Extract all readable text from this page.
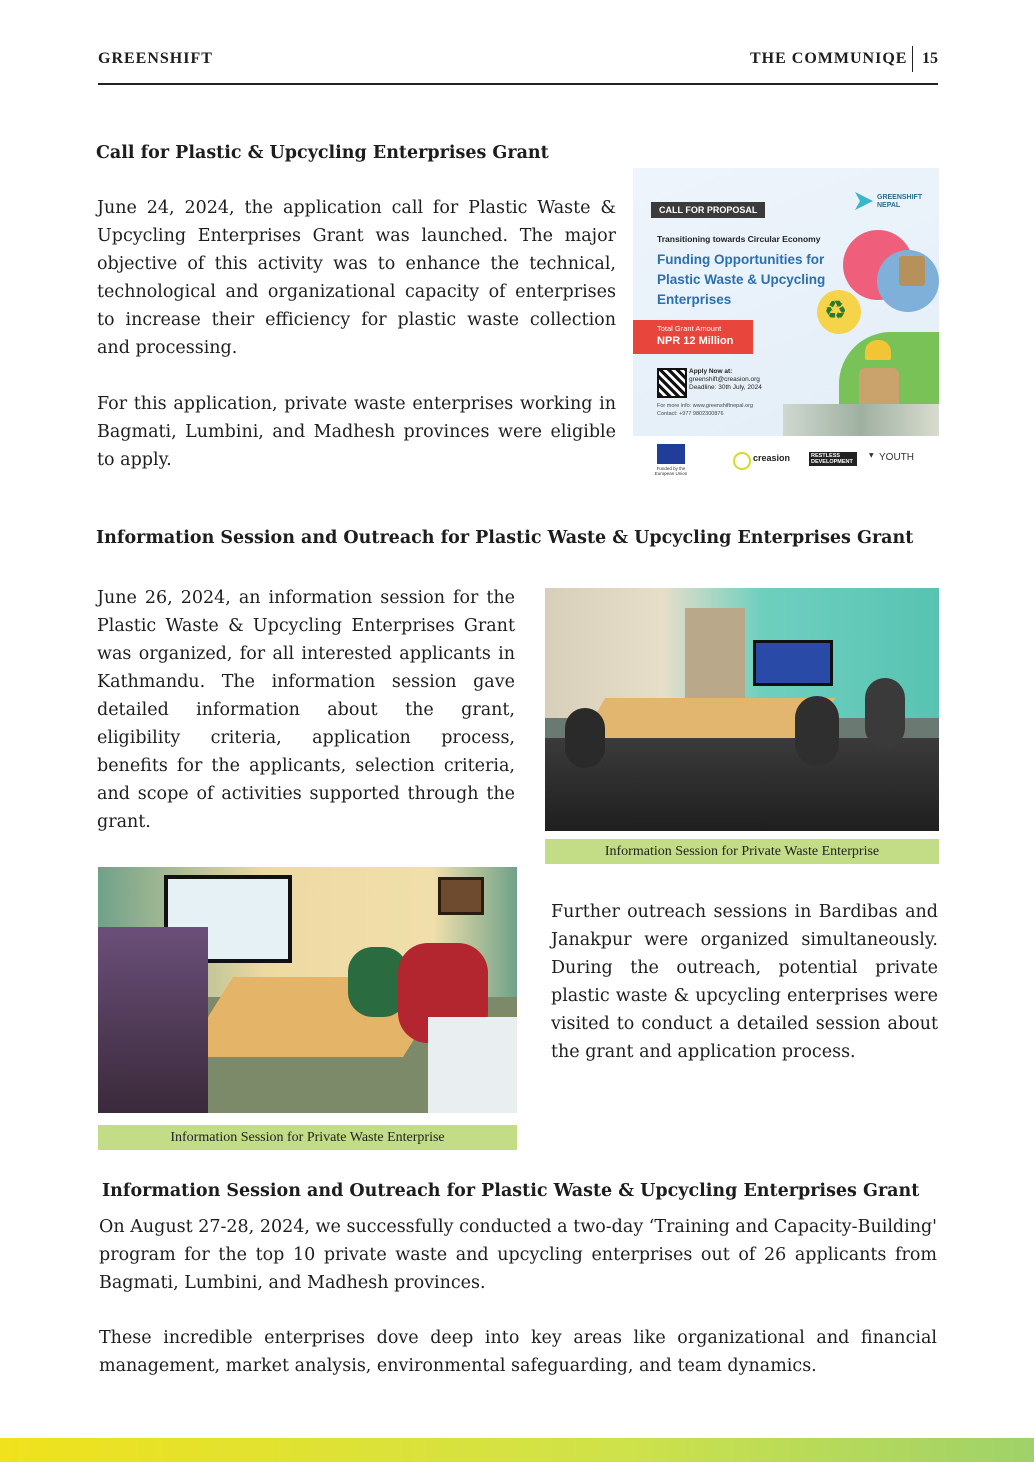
GREENSHIFT	THE COMMUNIQE 15
Call for Plastic & Upcycling Enterprises Grant

June 24, 2024, the application call for Plastic Waste & Upcycling Enterprises Grant was launched. The major objective of this activity was to enhance the technical, technological and organizational capacity of enterprises to increase their efficiency for plastic waste collection and processing.

For this application, private waste enterprises working in Bagmati, Lumbini, and Madhesh provinces were eligible to apply.

GREENSHIFT NEPAL
CALL FOR PROPOSAL
Transitioning towards Circular Economy
Funding Opportunities for
Plastic Waste & Upcycling
Enterprises
Total Grant Amount
NPR 12 Million
♻
Apply Now at:
greenshift@creasion.org
Deadline: 30th July, 2024
For more info: www.greenshiftnepal.org
Contact: +977 9802300876
Funded by the European Union
creasion	RESTLESS DEVELOPMENT
▼ YOUTH
Information Session and Outreach for Plastic Waste & Upcycling Enterprises Grant

June 26, 2024, an information session for the Plastic Waste & Upcycling Enterprises Grant was organized, for all interested applicants in Kathmandu. The information session gave detailed information about the grant, eligibility criteria, application process, benefits for the applicants, selection criteria, and scope of activities supported through the grant.

Information Session for Private Waste Enterprise
Information Session for Private Waste Enterprise

Further outreach sessions in Bardibas and Janakpur were organized simultaneously. During the outreach, potential private plastic waste & upcycling enterprises were visited to conduct a detailed session about the grant and application process.

Information Session and Outreach for Plastic Waste & Upcycling Enterprises Grant

On August 27-28, 2024, we successfully conducted a two-day ‘Training and Capacity-Building' program for the top 10 private waste and upcycling enterprises out of 26 applicants from Bagmati, Lumbini, and Madhesh provinces.

These incredible enterprises dove deep into key areas like organizational and financial management, market analysis, environmental safeguarding, and team dynamics.
